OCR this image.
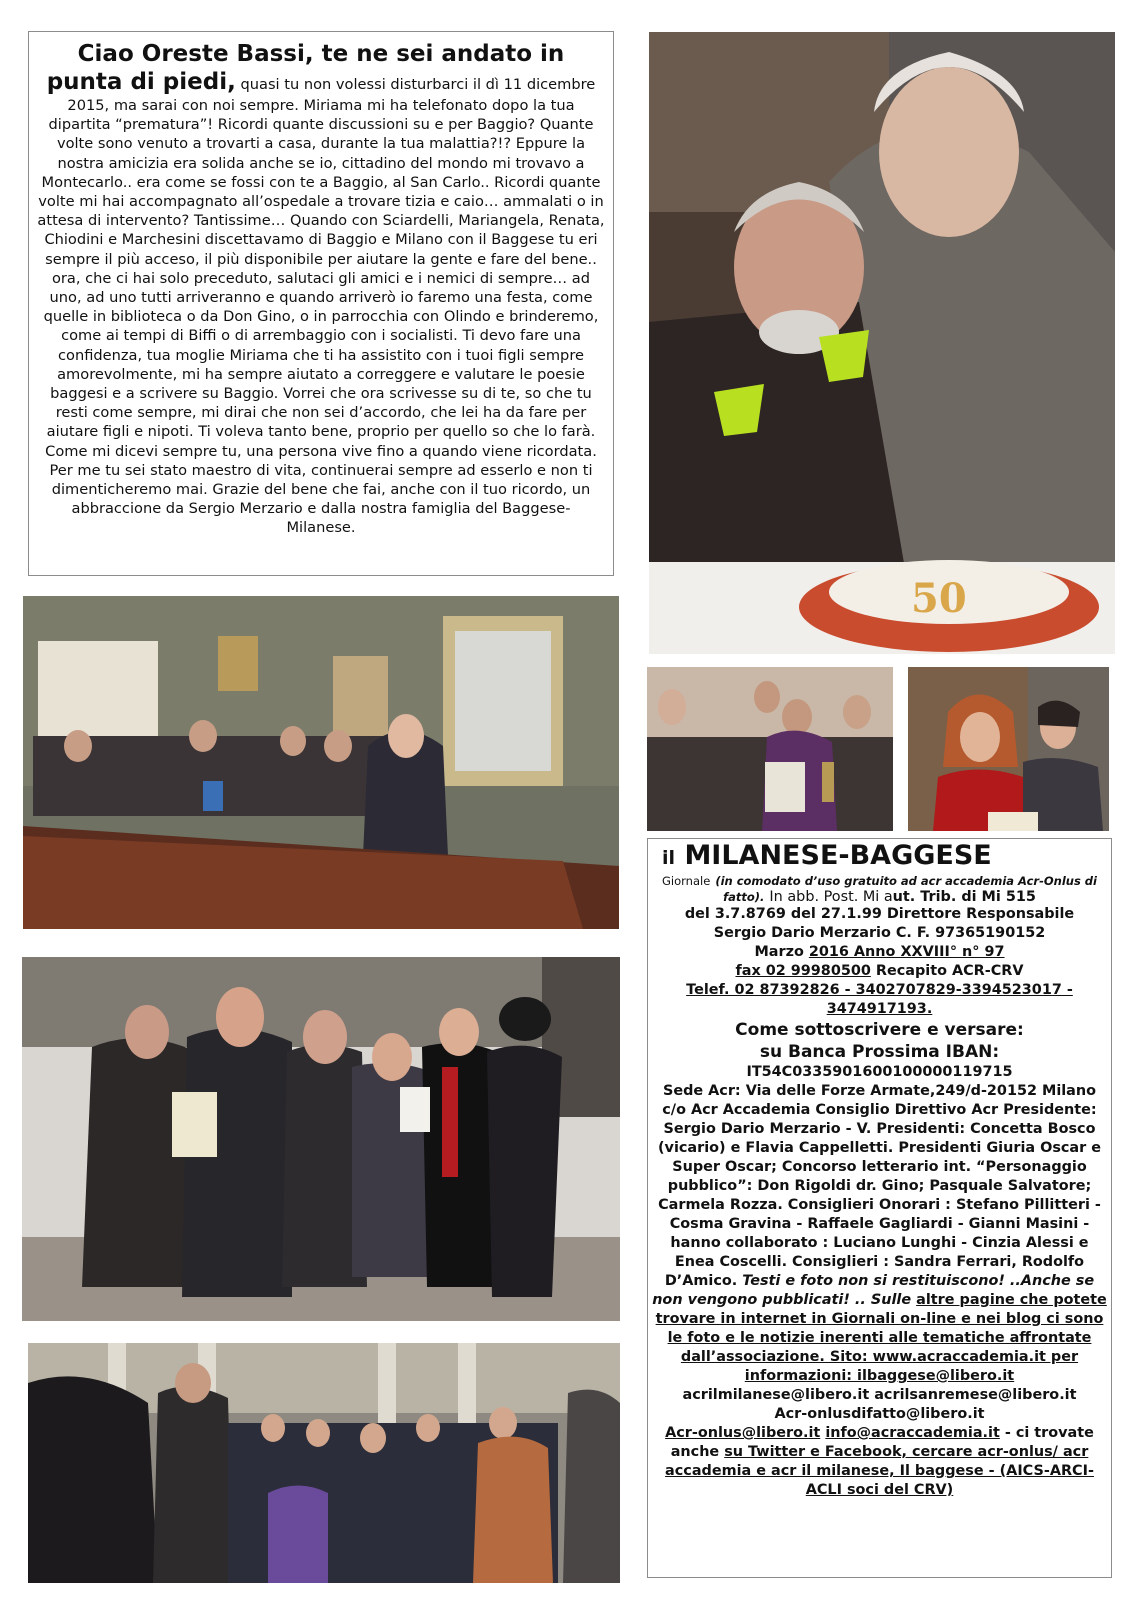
Ciao Oreste Bassi, te ne sei andato in punta di piedi, quasi tu non volessi disturbarci il dì 11 dicembre 2015, ma sarai con noi sempre. Miriama mi ha telefonato dopo la tua dipartita “prematura”! Ricordi quante discussioni su e per Baggio? Quante volte sono venuto a trovarti a casa, durante la tua malattia?!? Eppure la nostra amicizia era solida anche se io, cittadino del mondo mi trovavo a Montecarlo.. era come se fossi con te a Baggio, al San Carlo.. Ricordi quante volte mi hai accompagnato all’ospedale a trovare tizia e caio… ammalati o in attesa di intervento? Tantissime… Quando con Sciardelli, Mariangela, Renata, Chiodini e Marchesini discettavamo di Baggio e Milano con il Baggese tu eri sempre il più acceso, il più disponibile per aiutare la gente e fare del bene.. ora, che ci hai solo preceduto, salutaci gli amici e i nemici di sempre… ad uno, ad uno tutti arriveranno e quando arriverò io faremo una festa, come quelle in biblioteca o da Don Gino, o in parrocchia con Olindo e brinderemo, come ai tempi di Biffi o di arrembaggio con i socialisti. Ti devo fare una confidenza, tua moglie Miriama che ti ha assistito con i tuoi figli sempre amorevolmente, mi ha sempre aiutato a correggere e valutare le poesie baggesi e a scrivere su Baggio. Vorrei che ora scrivesse su di te, so che tu resti come sempre, mi dirai che non sei d’accordo, che lei ha da fare per aiutare figli e nipoti. Ti voleva tanto bene, proprio per quello so che lo farà. Come mi dicevi sempre tu, una persona vive fino a quando viene ricordata. Per me tu sei stato maestro di vita, continuerai sempre ad esserlo e non ti dimenticheremo mai. Grazie del bene che fai, anche con il tuo ricordo, un abbraccione da Sergio Merzario e dalla nostra famiglia del Baggese-Milanese.
50
il MILANESE-BAGGESE
Giornale (in comodato d’uso gratuito ad acr accademia Acr-Onlus di fatto). In abb. Post. Mi aut. Trib. di Mi 515
del 3.7.8769 del 27.1.99 Direttore Responsabile
Sergio Dario Merzario C. F. 97365190152
Marzo 2016 Anno XXVIII° n° 97
fax 02 99980500 Recapito ACR-CRV
Telef. 02 87392826 - 3402707829-3394523017 - 3474917193.
Come sottoscrivere e versare:
su Banca Prossima IBAN:
IT54C0335901600100000119715
Sede Acr: Via delle Forze Armate,249/d-20152 Milano c/o Acr Accademia Consiglio Direttivo Acr Presidente: Sergio Dario Merzario - V. Presidenti: Concetta Bosco (vicario) e Flavia Cappelletti. Presidenti Giuria Oscar e Super Oscar; Concorso letterario int. “Personaggio pubblico”: Don Rigoldi dr. Gino; Pasquale Salvatore; Carmela Rozza. Consiglieri Onorari : Stefano Pillitteri - Cosma Gravina - Raffaele Gagliardi - Gianni Masini - hanno collaborato : Luciano Lunghi - Cinzia Alessi e Enea Coscelli. Consiglieri : Sandra Ferrari, Rodolfo D’Amico. Testi e foto non si restituiscono! ..Anche se non vengono pubblicati! .. Sulle altre pagine che potete trovare in internet in Giornali on-line e nei blog ci sono le foto e le notizie inerenti alle tematiche affrontate dall’associazione. Sito: www.acraccademia.it per informazioni: ilbaggese@libero.it
acrilmilanese@libero.it acrilsanremese@libero.it
Acr-onlusdifatto@libero.it
Acr-onlus@libero.it info@acraccademia.it - ci trovate anche su Twitter e Facebook, cercare acr-onlus/ acr accademia e acr il milanese, Il baggese - (AICS-ARCI-ACLI soci del CRV)
